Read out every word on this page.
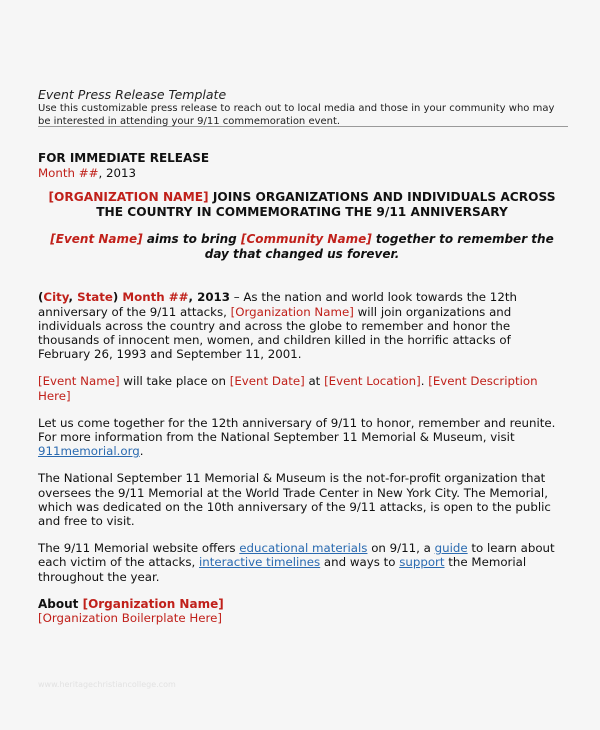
Event Press Release Template
Use this customizable press release to reach out to local media and those in your community who may be interested in attending your 9/11 commemoration event.
FOR IMMEDIATE RELEASE
Month ##, 2013
[ORGANIZATION NAME] JOINS ORGANIZATIONS AND INDIVIDUALS ACROSS THE COUNTRY IN COMMEMORATING THE 9/11 ANNIVERSARY
[Event Name] aims to bring [Community Name] together to remember the day that changed us forever.

(City, State) Month ##, 2013 – As the nation and world look towards the 12th anniversary of the 9/11 attacks, [Organization Name] will join organizations and individuals across the country and across the globe to remember and honor the thousands of innocent men, women, and children killed in the horrific attacks of February 26, 1993 and September 11, 2001.

[Event Name] will take place on [Event Date] at [Event Location]. [Event Description Here]

Let us come together for the 12th anniversary of 9/11 to honor, remember and reunite. For more information from the National September 11 Memorial & Museum, visit 911memorial.org.

The National September 11 Memorial & Museum is the not-for-profit organization that oversees the 9/11 Memorial at the World Trade Center in New York City. The Memorial, which was dedicated on the 10th anniversary of the 9/11 attacks, is open to the public and free to visit.

The 9/11 Memorial website offers educational materials on 9/11, a guide to learn about each victim of the attacks, interactive timelines and ways to support the Memorial throughout the year.

About [Organization Name]
[Organization Boilerplate Here]
www.heritagechristiancollege.com
